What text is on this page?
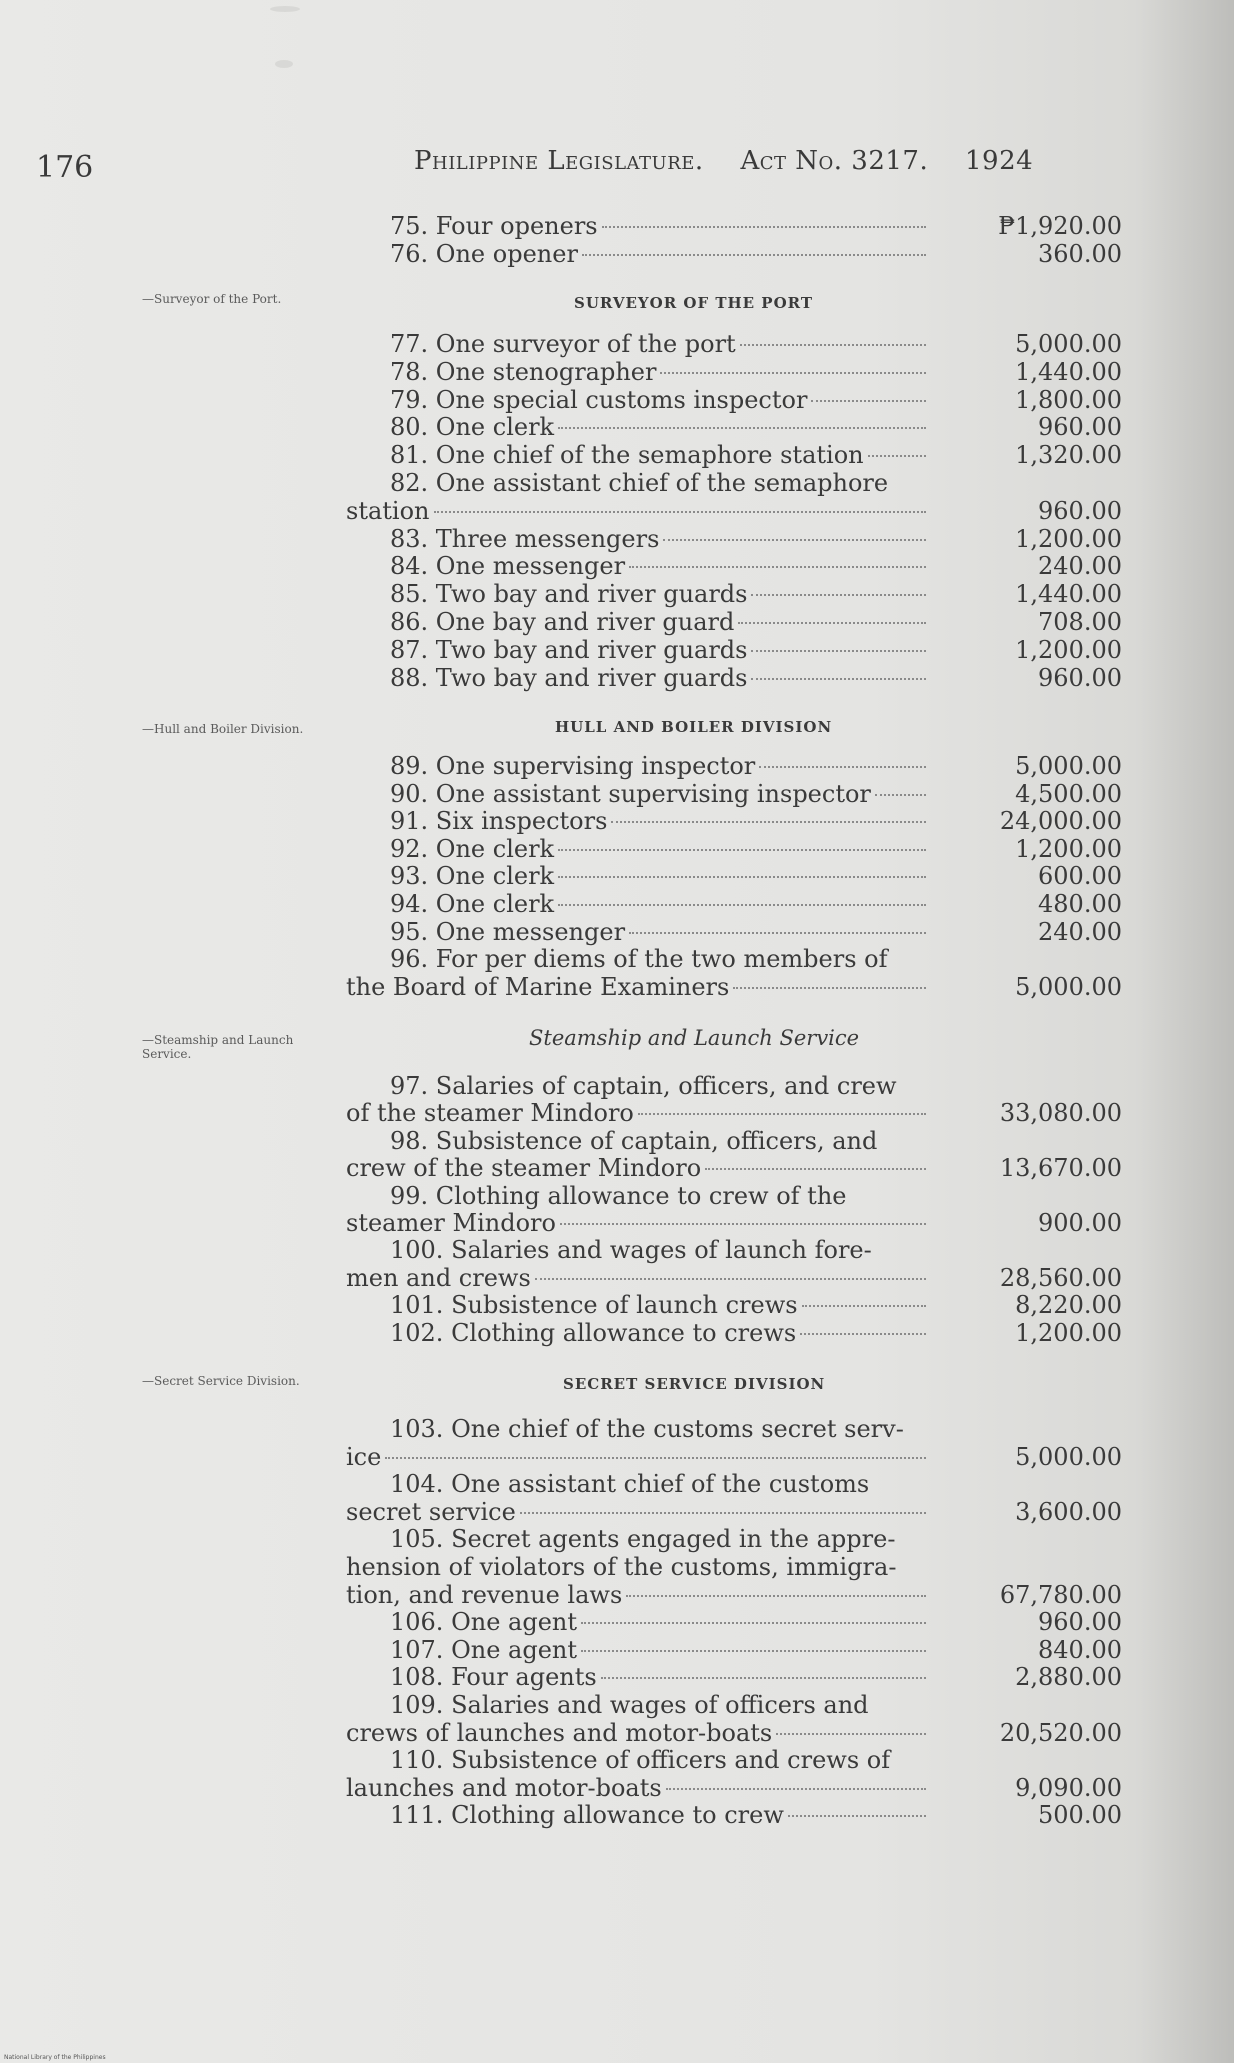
176	Philippine Legislature. Act No. 3217. 1924
75. Four openers	₱1,920.00
76. One opener	360.00
—Surveyor of the Port.	SURVEYOR OF THE PORT
77. One surveyor of the port	5,000.00
78. One stenographer	1,440.00
79. One special customs inspector	1,800.00
80. One clerk	960.00
81. One chief of the semaphore station	1,320.00
82. One assistant chief of the semaphore
station	960.00
83. Three messengers	1,200.00
84. One messenger	240.00
85. Two bay and river guards	1,440.00
86. One bay and river guard	708.00
87. Two bay and river guards	1,200.00
88. Two bay and river guards	960.00
—Hull and Boiler Division.	HULL AND BOILER DIVISION
89. One supervising inspector	5,000.00
90. One assistant supervising inspector	4,500.00
91. Six inspectors	24,000.00
92. One clerk	1,200.00
93. One clerk	600.00
94. One clerk	480.00
95. One messenger	240.00
96. For per diems of the two members of
the Board of Marine Examiners	5,000.00
—Steamship and Launch Service.
Steamship and Launch Service
97. Salaries of captain, officers, and crew
of the steamer Mindoro	33,080.00
98. Subsistence of captain, officers, and
crew of the steamer Mindoro	13,670.00
99. Clothing allowance to crew of the
steamer Mindoro	900.00
100. Salaries and wages of launch fore-
men and crews	28,560.00
101. Subsistence of launch crews	8,220.00
102. Clothing allowance to crews	1,200.00
—Secret Service Division.	SECRET SERVICE DIVISION
103. One chief of the customs secret serv-
ice	5,000.00
104. One assistant chief of the customs
secret service	3,600.00
105. Secret agents engaged in the appre-
hension of violators of the customs, immigra-
tion, and revenue laws	67,780.00
106. One agent	960.00
107. One agent	840.00
108. Four agents	2,880.00
109. Salaries and wages of officers and
crews of launches and motor-boats	20,520.00
110. Subsistence of officers and crews of
launches and motor-boats	9,090.00
111. Clothing allowance to crew	500.00
National Library of the Philippines
